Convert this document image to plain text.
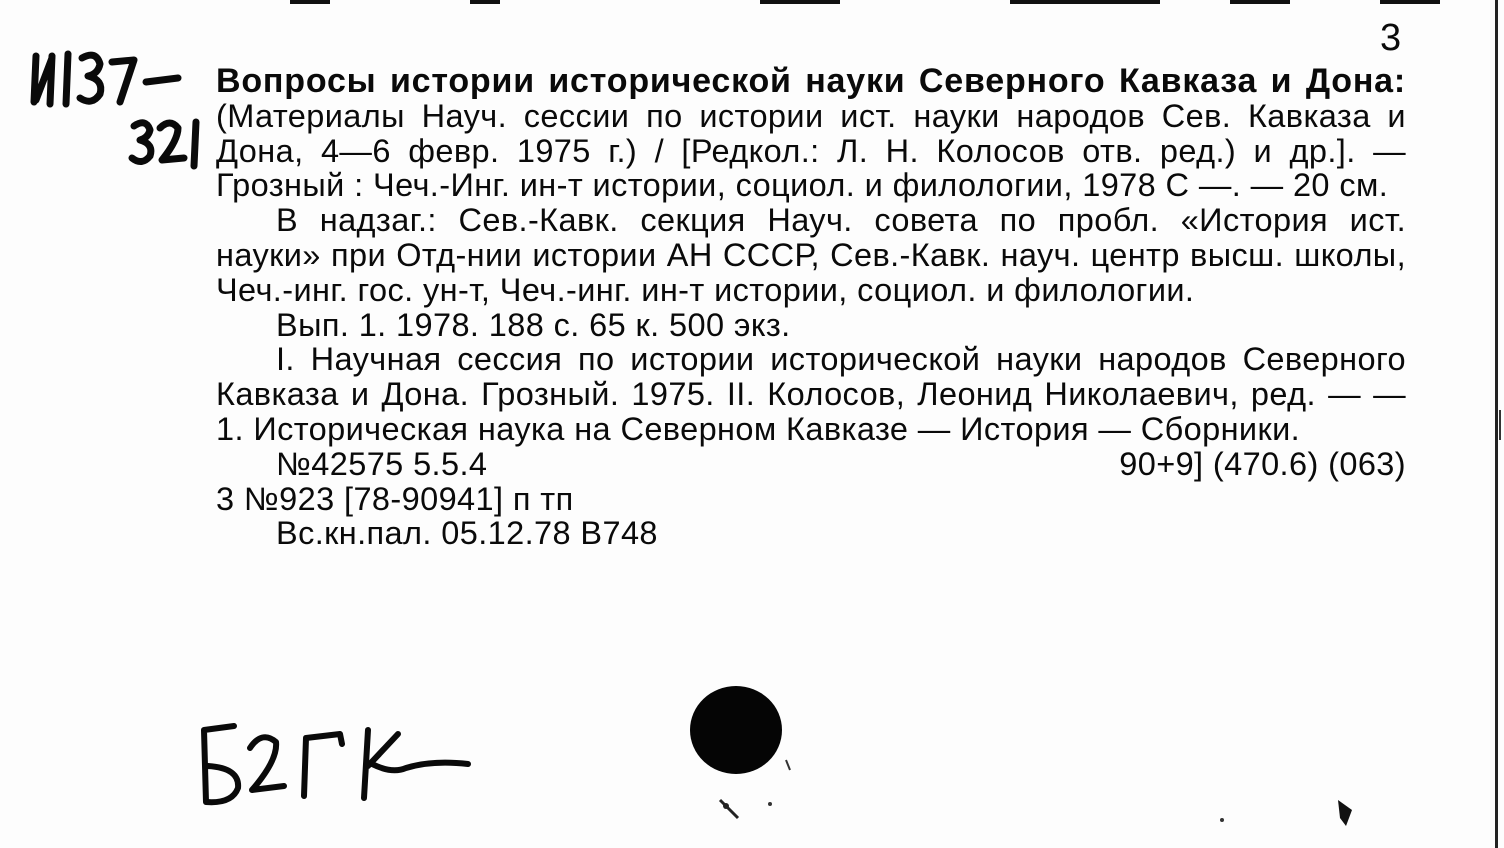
3

Вопросы истории исторической науки Северного Кавказа и Дона: (Материалы Науч. сессии по истории ист. науки народов Сев. Кавказа и Дона, 4—6 февр. 1975 г.) / [Редкол.: Л. Н. Колосов отв. ред.) и др.]. — Грозный : Чеч.-Инг. ин-т истории, социол. и филологии, 1978 С —. — 20 см.

В надзаг.: Сев.-Кавк. секция Науч. совета по пробл. «История ист. науки» при Отд-нии истории АН СССР, Сев.-Кавк. науч. центр высш. школы, Чеч.-инг. гос. ун-т, Чеч.-инг. ин-т истории, социол. и филологии.

Вып. 1. 1978. 188 с. 65 к. 500 экз.

I. Научная сессия по истории исторической науки народов Северного Кавказа и Дона. Грозный. 1975. II. Колосов, Леонид Николаевич, ред. — — 1. Историческая наука на Северном Кавказе — История — Сборники.

№42575 5.5.4	90+9] (470.6) (063)
3 №923 [78-90941] п тп
Вс.кн.пал. 05.12.78 В748
